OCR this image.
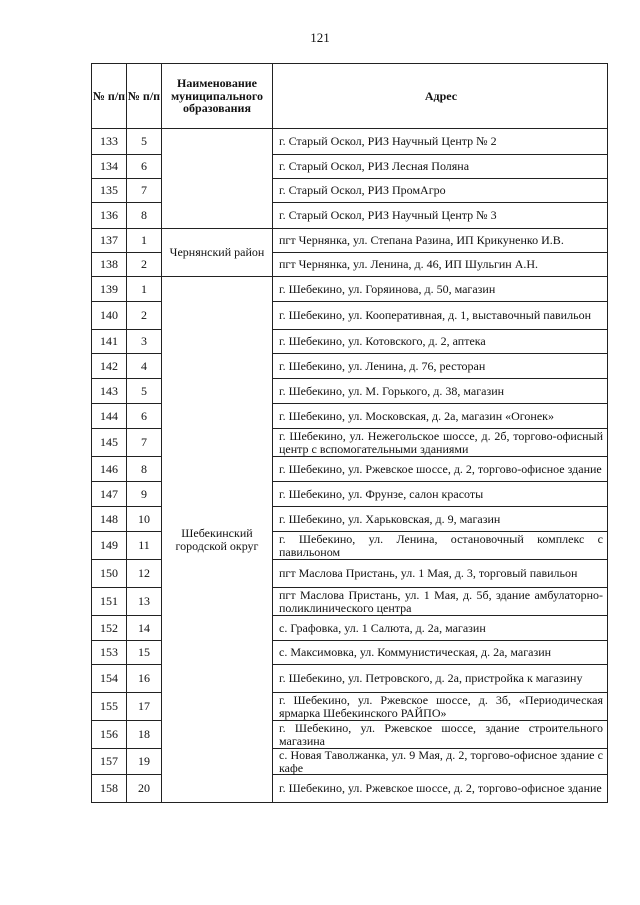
121
№ п/п	№ п/п	Наименование муниципального образования	Адрес
133	5		г. Старый Оскол, РИЗ Научный Центр № 2
134	6		г. Старый Оскол, РИЗ Лесная Поляна
135	7		г. Старый Оскол, РИЗ ПромАгро
136	8		г. Старый Оскол, РИЗ Научный Центр № 3
137	1	Чернянский район	пгт Чернянка, ул. Степана Разина, ИП Крикуненко И.В.
138	2		пгт Чернянка, ул. Ленина, д. 46, ИП Шульгин А.Н.
139	1	Шебекинский городской округ	г. Шебекино, ул. Горяинова, д. 50, магазин
140	2		г. Шебекино, ул. Кооперативная, д. 1, выставочный павильон
141	3		г. Шебекино, ул. Котовского, д. 2, аптека
142	4		г. Шебекино, ул. Ленина, д. 76, ресторан
143	5		г. Шебекино, ул. М. Горького, д. 38, магазин
144	6		г. Шебекино, ул. Московская, д. 2а, магазин «Огонек»
145	7		г. Шебекино, ул. Нежегольское шоссе, д. 2б, торгово-офисный центр с вспомогательными зданиями
146	8		г. Шебекино, ул. Ржевское шоссе, д. 2, торгово-офисное здание
147	9		г. Шебекино, ул. Фрунзе, салон красоты
148	10		г. Шебекино, ул. Харьковская, д. 9, магазин
149	11		г. Шебекино, ул. Ленина, остановочный комплекс с павильоном
150	12		пгт Маслова Пристань, ул. 1 Мая, д. 3, торговый павильон
151	13		пгт Маслова Пристань, ул. 1 Мая, д. 5б, здание амбулаторно-поликлинического центра
152	14		с. Графовка, ул. 1 Салюта, д. 2а, магазин
153	15		с. Максимовка, ул. Коммунистическая, д. 2а, магазин
154	16		г. Шебекино, ул. Петровского, д. 2а, пристройка к магазину
155	17		г. Шебекино, ул. Ржевское шоссе, д. 3б, «Периодическая ярмарка Шебекинского РАЙПО»
156	18		г. Шебекино, ул. Ржевское шоссе, здание строительного магазина
157	19		с. Новая Таволжанка, ул. 9 Мая, д. 2, торгово-офисное здание с кафе
158	20		г. Шебекино, ул. Ржевское шоссе, д. 2, торгово-офисное здание
